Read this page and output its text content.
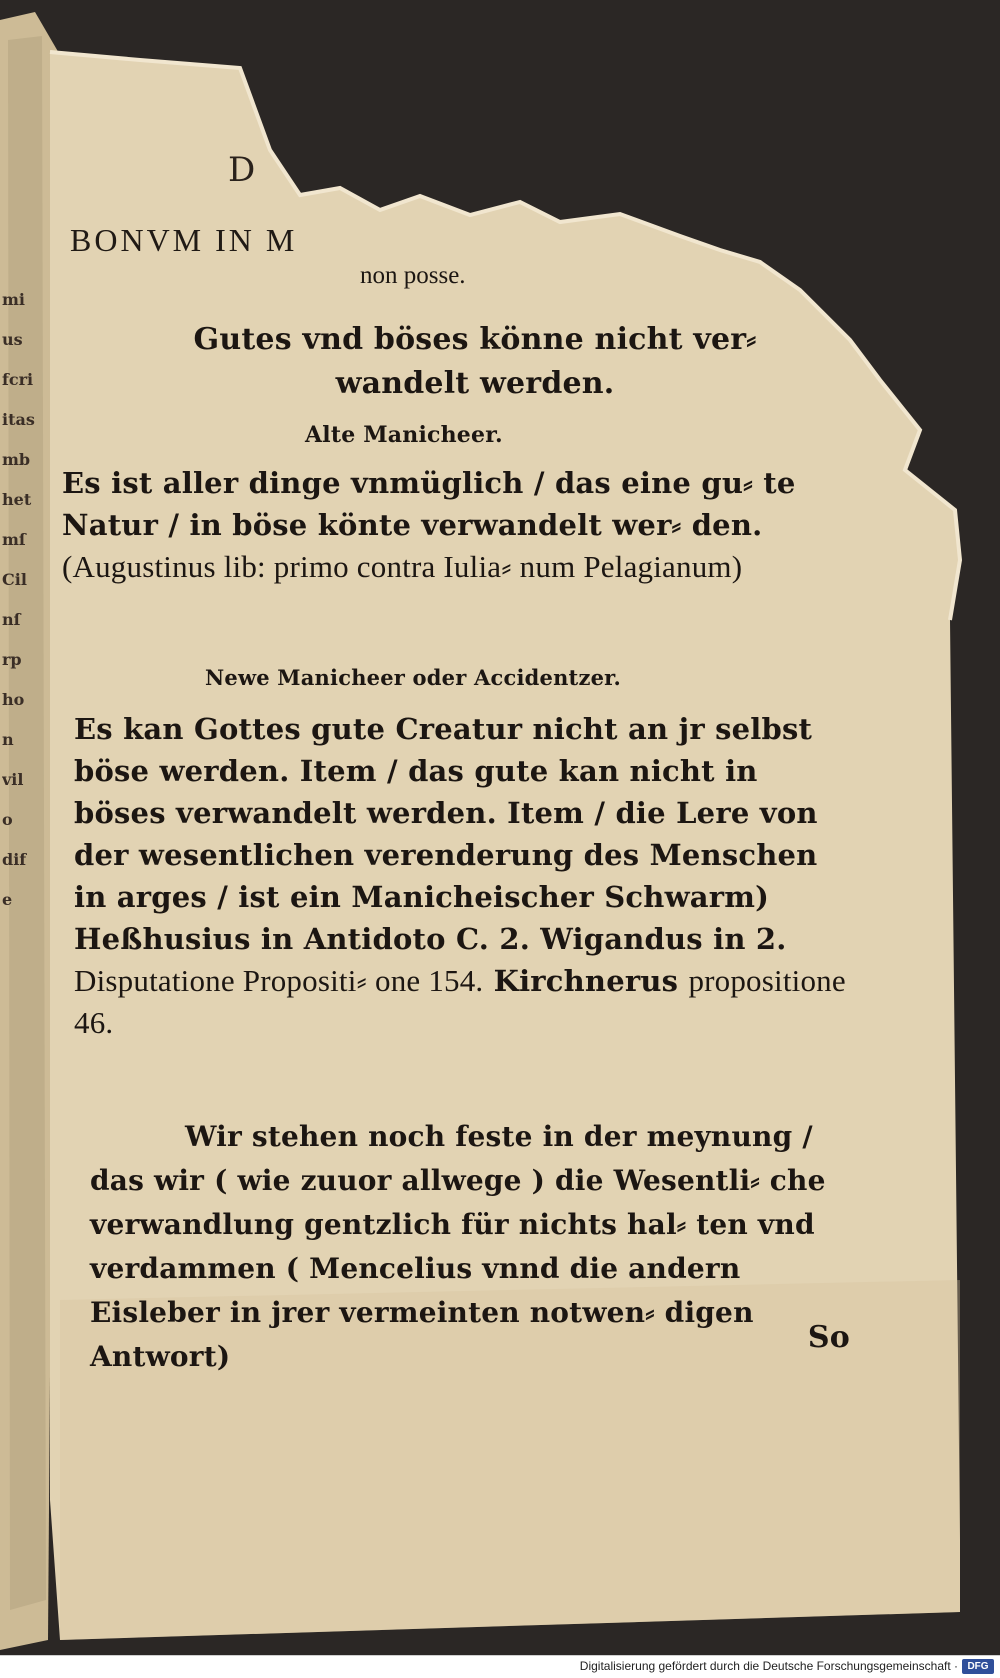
D
BONVM IN M
non posse.
Gutes vnd böses könne nicht ver⸗ wandelt werden.
Alte Manicheer.
Es ist aller dinge vnmüglich / das eine gu⸗ te Natur / in böse könte verwandelt wer⸗ den. (Augustinus lib: primo contra Iulia⸗ num Pelagianum)
Newe Manicheer oder Accidentzer.
Es kan Gottes gute Creatur nicht an jr selbst böse werden. Item / das gute kan nicht in böses verwandelt werden. Item / die Lere von der wesentlichen verenderung des Menschen in arges / ist ein Manicheischer Schwarm) Heßhusius in Antidoto C. 2. Wigandus in 2. Disputatione Propositi⸗ one 154. Kirchnerus propositione 46.
Wir stehen noch feste in der meynung / das wir ( wie zuuor allwege ) die Wesentli⸗ che verwandlung gentzlich für nichts hal⸗ ten vnd verdammen ( Mencelius vnnd die andern Eisleber in jrer vermeinten notwen⸗ digen Antwort)
So
mi
us
fcri
itas
mb
het
mſ
Cil
nſ
rp
ho
n
vil
o
dif
e
Digitalisierung gefördert durch die Deutsche Forschungsgemeinschaft · DFG
